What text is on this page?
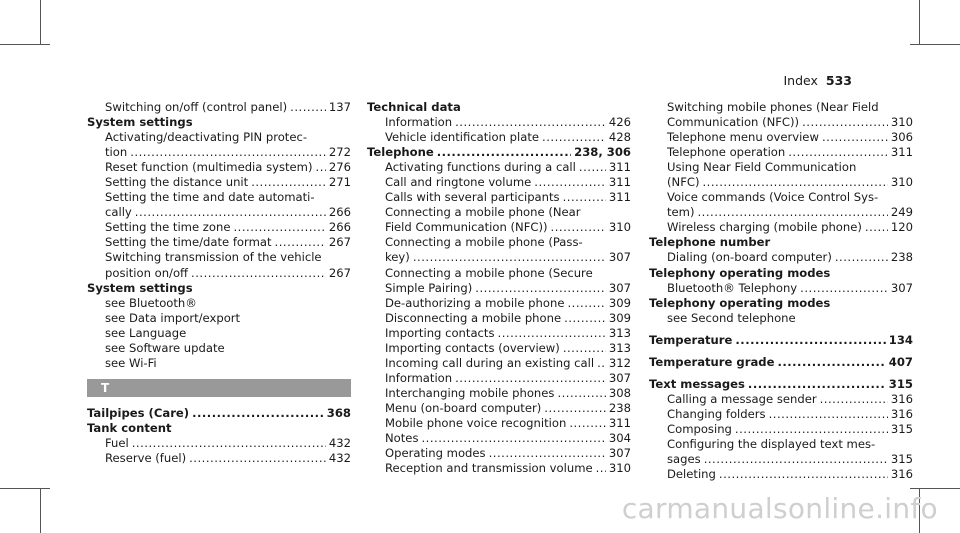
Index 533
Switching on/off (control panel) .....	137
System settings
Activating/deactivating PIN protec-
tion .....	272
Reset function (multimedia system) ..... 276
Setting the distance unit .....	271
Setting the time and date automati-
cally .....	266
Setting the time zone .....	266
Setting the time/date format .....	267
Switching transmission of the vehicle
position on/off .....	267
System settings
see Bluetooth®
see Data import/export
see Language
see Software update
see Wi-Fi
T
Tailpipes (Care) .....	368
Tank content
Fuel .....	432
Reserve (fuel) .....	432
Technical data
Information .....	426
Vehicle identification plate .....	428
Telephone .....	238, 306
Activating functions during a call .....	311
Call and ringtone volume .....	311
Calls with several participants .....	311
Connecting a mobile phone (Near
Field Communication (NFC)) .....	310
Connecting a mobile phone (Pass-
key) .....	307
Connecting a mobile phone (Secure
Simple Pairing) .....	307
De-authorizing a mobile phone .....	309
Disconnecting a mobile phone .....	309
Importing contacts .....	313
Importing contacts (overview) .....	313
Incoming call during an existing call ..... 312
Information .....	307
Interchanging mobile phones .....	308
Menu (on-board computer) .....	238
Mobile phone voice recognition .....	311
Notes .....	304
Operating modes .....	307
Reception and transmission volume ..... 310
Switching mobile phones (Near Field
Communication (NFC)) .....	310
Telephone menu overview .....	306
Telephone operation .....	311
Using Near Field Communication
(NFC) .....	310
Voice commands (Voice Control Sys-
tem) .....	249
Wireless charging (mobile phone) ..... 120
Telephone number
Dialing (on-board computer) .....	238
Telephony operating modes
Bluetooth® Telephony .....	307
Telephony operating modes
see Second telephone
Temperature .....	134
Temperature grade .....	407
Text messages .....	315
Calling a message sender .....	316
Changing folders .....	316
Composing .....	315
Configuring the displayed text mes-
sages .....	315
Deleting .....	316
carmanualsonline.info
